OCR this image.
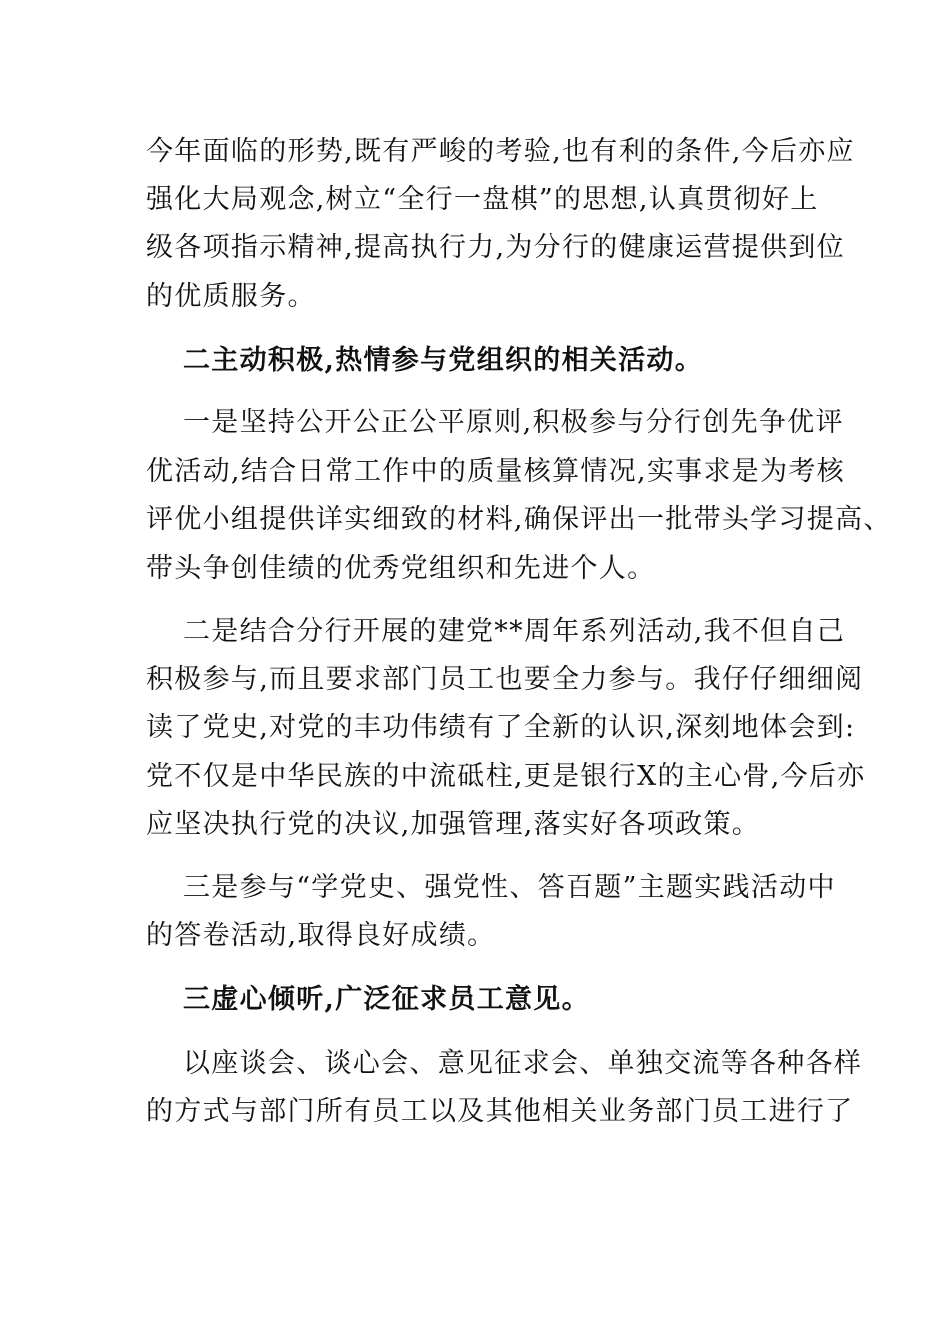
今年面临的形势,既有严峻的考验,也有利的条件,今后亦应
强化大局观念,树立“全行一盘棋”的思想,认真贯彻好上
级各项指示精神,提高执行力,为分行的健康运营提供到位
的优质服务。
二主动积极,热情参与党组织的相关活动。
一是坚持公开公正公平原则,积极参与分行创先争优评
优活动,结合日常工作中的质量核算情况,实事求是为考核
评优小组提供详实细致的材料,确保评出一批带头学习提高、
带头争创佳绩的优秀党组织和先进个人。
二是结合分行开展的建党**周年系列活动,我不但自己
积极参与,而且要求部门员工也要全力参与。我仔仔细细阅
读了党史,对党的丰功伟绩有了全新的认识,深刻地体会到:
党不仅是中华民族的中流砥柱,更是银行X的主心骨,今后亦
应坚决执行党的决议,加强管理,落实好各项政策。
三是参与“学党史、强党性、答百题”主题实践活动中
的答卷活动,取得良好成绩。
三虚心倾听,广泛征求员工意见。
以座谈会、谈心会、意见征求会、单独交流等各种各样
的方式与部门所有员工以及其他相关业务部门员工进行了
